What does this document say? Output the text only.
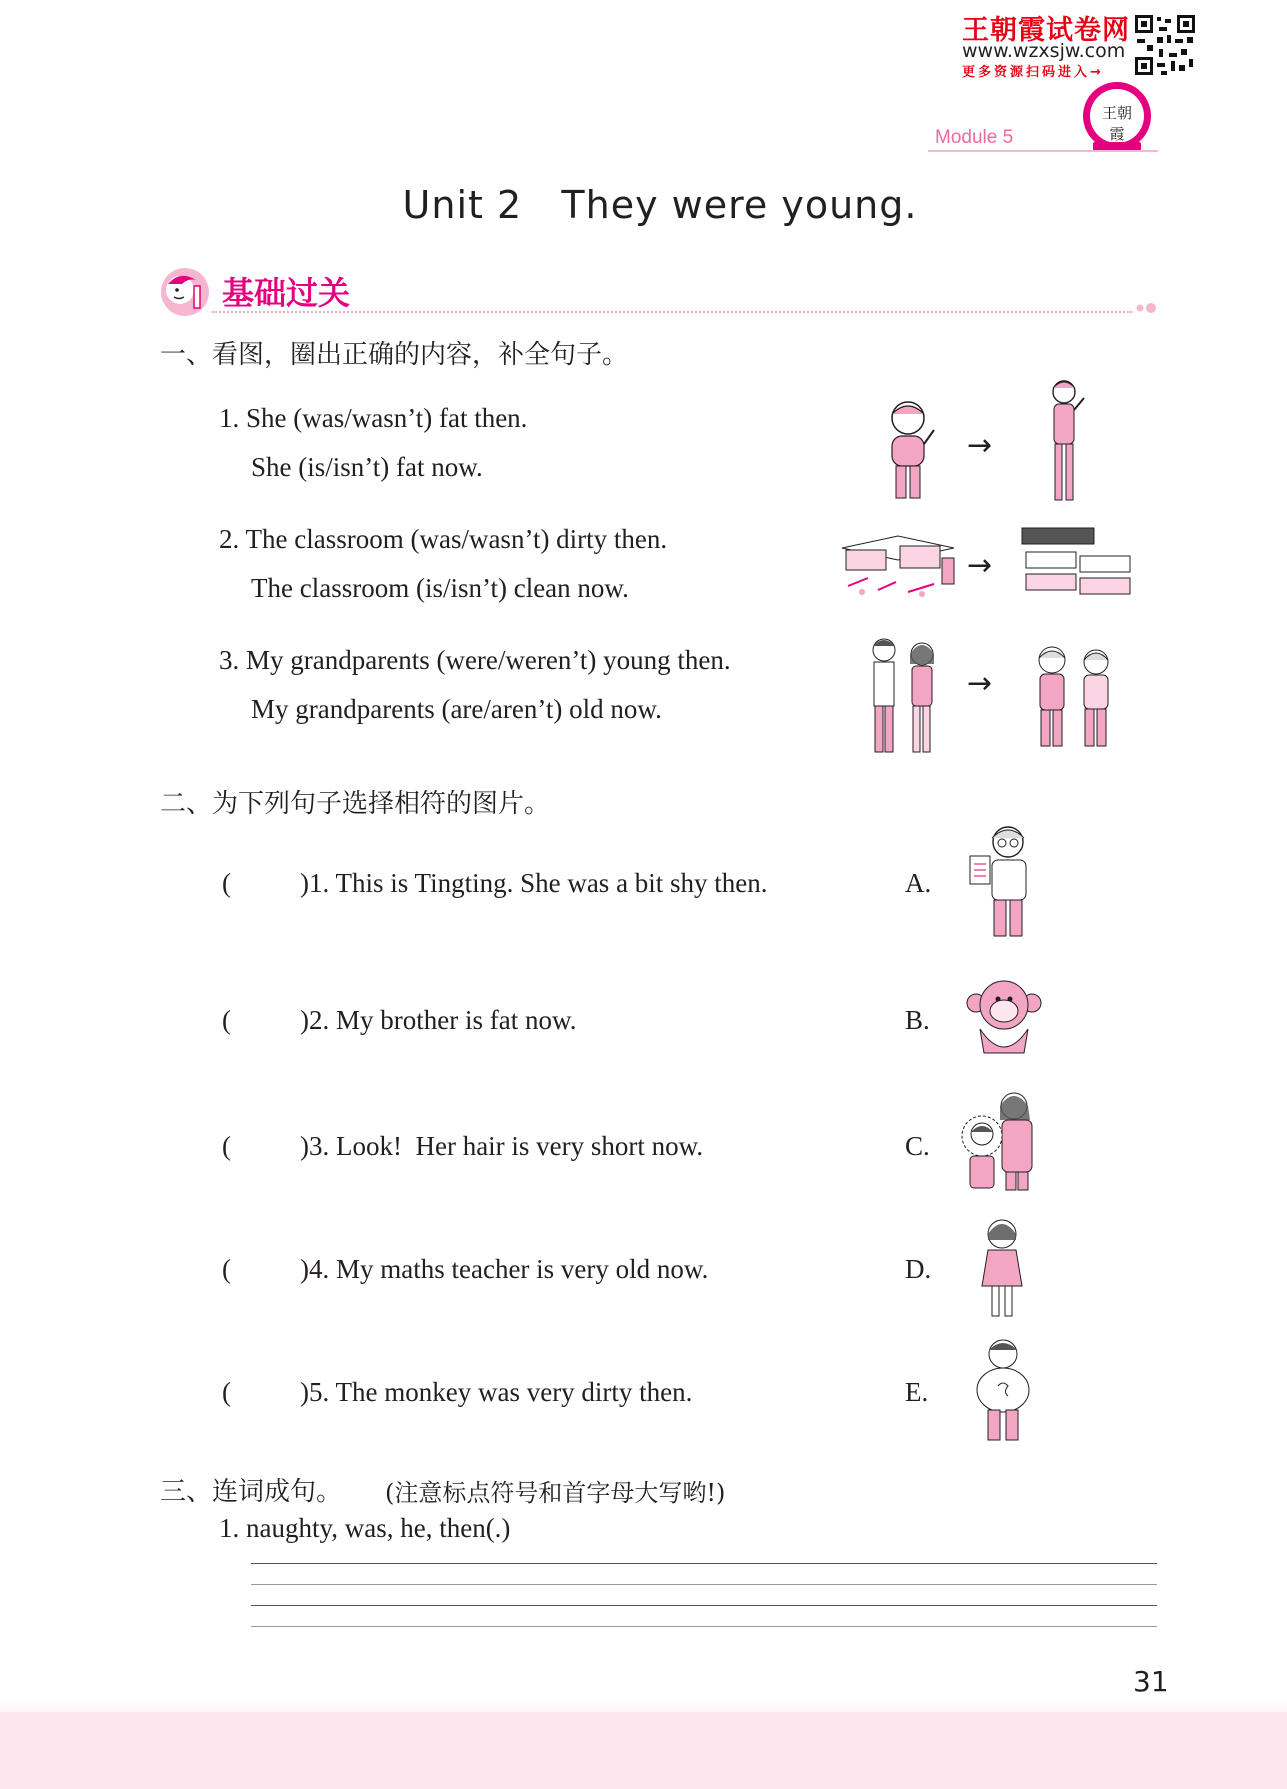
王朝霞试卷网
www.wzxsjw.com
更多资源扫码进入→
王朝霞
Module 5
Unit 2   They were young.
基础过关
一、看图，圈出正确的内容，补全句子。
1. She (was/wasn’t) fat then.
She (is/isn’t) fat now.
2. The classroom (was/wasn’t) dirty then.
The classroom (is/isn’t) clean now.
3. My grandparents (were/weren’t) young then.
My grandparents (are/aren’t) old now.
→
→
→
二、为下列句子选择相符的图片。
(	)1. This is Tingting. She was a bit shy then.	A.
(	)2. My brother is fat now.	B.
(	)3. Look!  Her hair is very short now.	C.
(	)4. My maths teacher is very old now.	D.
(	)5. The monkey was very dirty then.	E.
三、连词成句。 (注意标点符号和首字母大写哟!)
1. naughty, was, he, then(.)
31
